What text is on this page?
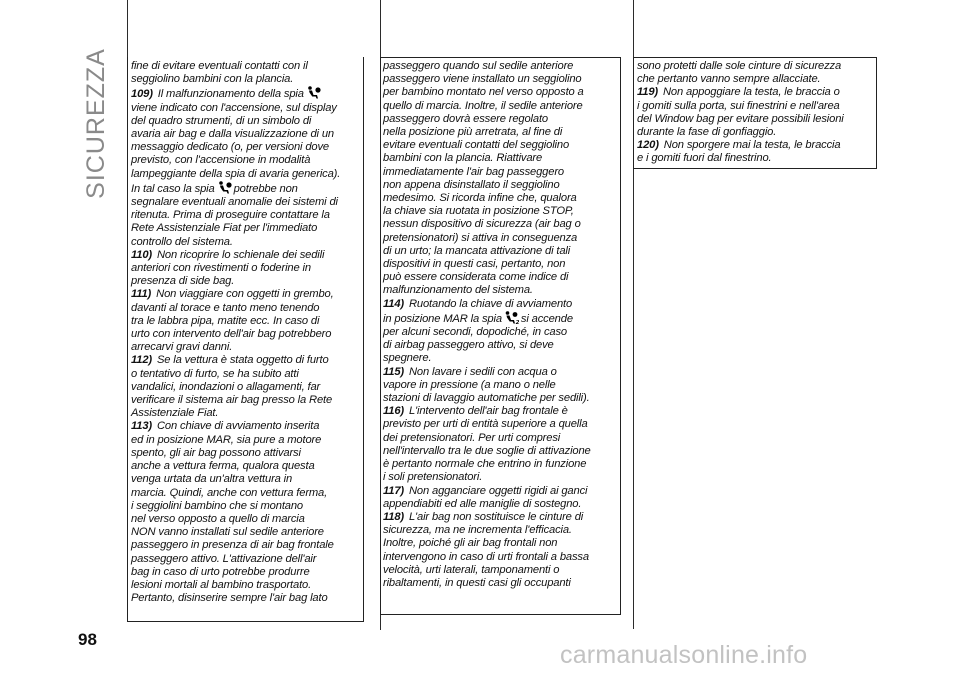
SICUREZZA fine di evitare eventuali contatti con il
seggiolino bambini con la plancia.

109) Il malfunzionamento della spia
viene indicato con l'accensione, sul display
del quadro strumenti, di un simbolo di
avaria air bag e dalla visualizzazione di un
messaggio dedicato (o, per versioni dove
previsto, con l'accensione in modalità
lampeggiante della spia di avaria generica).
In tal caso la spia potrebbe non
segnalare eventuali anomalie dei sistemi di
ritenuta. Prima di proseguire contattare la
Rete Assistenziale Fiat per l'immediato
controllo del sistema.

110) Non ricoprire lo schienale dei sedili
anteriori con rivestimenti o foderine in
presenza di side bag.

111) Non viaggiare con oggetti in grembo,
davanti al torace e tanto meno tenendo
tra le labbra pipa, matite ecc. In caso di
urto con intervento dell'air bag potrebbero
arrecarvi gravi danni.

112) Se la vettura è stata oggetto di furto
o tentativo di furto, se ha subito atti
vandalici, inondazioni o allagamenti, far
verificare il sistema air bag presso la Rete
Assistenziale Fiat.

113) Con chiave di avviamento inserita
ed in posizione MAR, sia pure a motore
spento, gli air bag possono attivarsi
anche a vettura ferma, qualora questa
venga urtata da un'altra vettura in
marcia. Quindi, anche con vettura ferma,
i seggiolini bambino che si montano
nel verso opposto a quello di marcia
NON vanno installati sul sedile anteriore
passeggero in presenza di air bag frontale
passeggero attivo. L'attivazione dell'air
bag in caso di urto potrebbe produrre
lesioni mortali al bambino trasportato.
Pertanto, disinserire sempre l'air bag lato

passeggero quando sul sedile anteriore
passeggero viene installato un seggiolino
per bambino montato nel verso opposto a
quello di marcia. Inoltre, il sedile anteriore
passeggero dovrà essere regolato
nella posizione più arretrata, al fine di
evitare eventuali contatti del seggiolino
bambini con la plancia. Riattivare
immediatamente l'air bag passeggero
non appena disinstallato il seggiolino
medesimo. Si ricorda infine che, qualora
la chiave sia ruotata in posizione STOP,
nessun dispositivo di sicurezza (air bag o
pretensionatori) si attiva in conseguenza
di un urto; la mancata attivazione di tali
dispositivi in questi casi, pertanto, non
può essere considerata come indice di
malfunzionamento del sistema.

114) Ruotando la chiave di avviamento
in posizione MAR la spia 2 si accende
per alcuni secondi, dopodiché, in caso
di airbag passeggero attivo, si deve
spegnere.

115) Non lavare i sedili con acqua o
vapore in pressione (a mano o nelle
stazioni di lavaggio automatiche per sedili).

116) L'intervento dell'air bag frontale è
previsto per urti di entità superiore a quella
dei pretensionatori. Per urti compresi
nell'intervallo tra le due soglie di attivazione
è pertanto normale che entrino in funzione
i soli pretensionatori.

117) Non agganciare oggetti rigidi ai ganci
appendiabiti ed alle maniglie di sostegno.

118) L'air bag non sostituisce le cinture di
sicurezza, ma ne incrementa l'efficacia.
Inoltre, poiché gli air bag frontali non
intervengono in caso di urti frontali a bassa
velocità, urti laterali, tamponamenti o
ribaltamenti, in questi casi gli occupanti

sono protetti dalle sole cinture di sicurezza
che pertanto vanno sempre allacciate.

119) Non appoggiare la testa, le braccia o
i gomiti sulla porta, sui finestrini e nell'area
del Window bag per evitare possibili lesioni
durante la fase di gonfiaggio.

120) Non sporgere mai la testa, le braccia
e i gomiti fuori dal finestrino.

98
carmanualsonline.info
